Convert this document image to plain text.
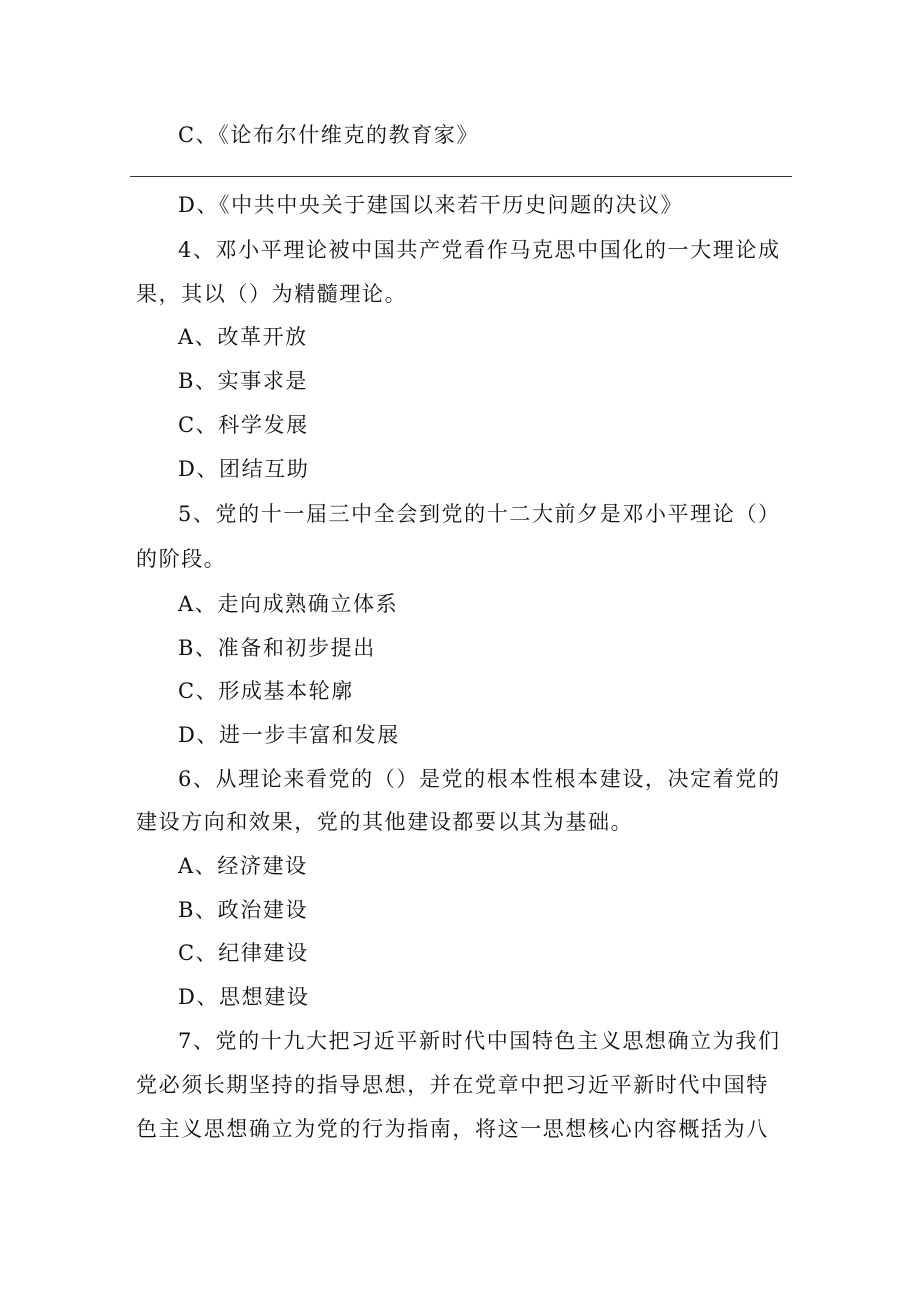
C、《论布尔什维克的教育家》
D、《中共中央关于建国以来若干历史问题的决议》
4、邓小平理论被中国共产党看作马克思中国化的一大理论成
果，其以（）为精髓理论。
A、改革开放
B、实事求是
C、科学发展
D、团结互助
5、党的十一届三中全会到党的十二大前夕是邓小平理论（）
的阶段。
A、走向成熟确立体系
B、准备和初步提出
C、形成基本轮廓
D、进一步丰富和发展
6、从理论来看党的（）是党的根本性根本建设，决定着党的
建设方向和效果，党的其他建设都要以其为基础。
A、经济建设
B、政治建设
C、纪律建设
D、思想建设
7、党的十九大把习近平新时代中国特色主义思想确立为我们
党必须长期坚持的指导思想，并在党章中把习近平新时代中国特
色主义思想确立为党的行为指南，将这一思想核心内容概括为八
